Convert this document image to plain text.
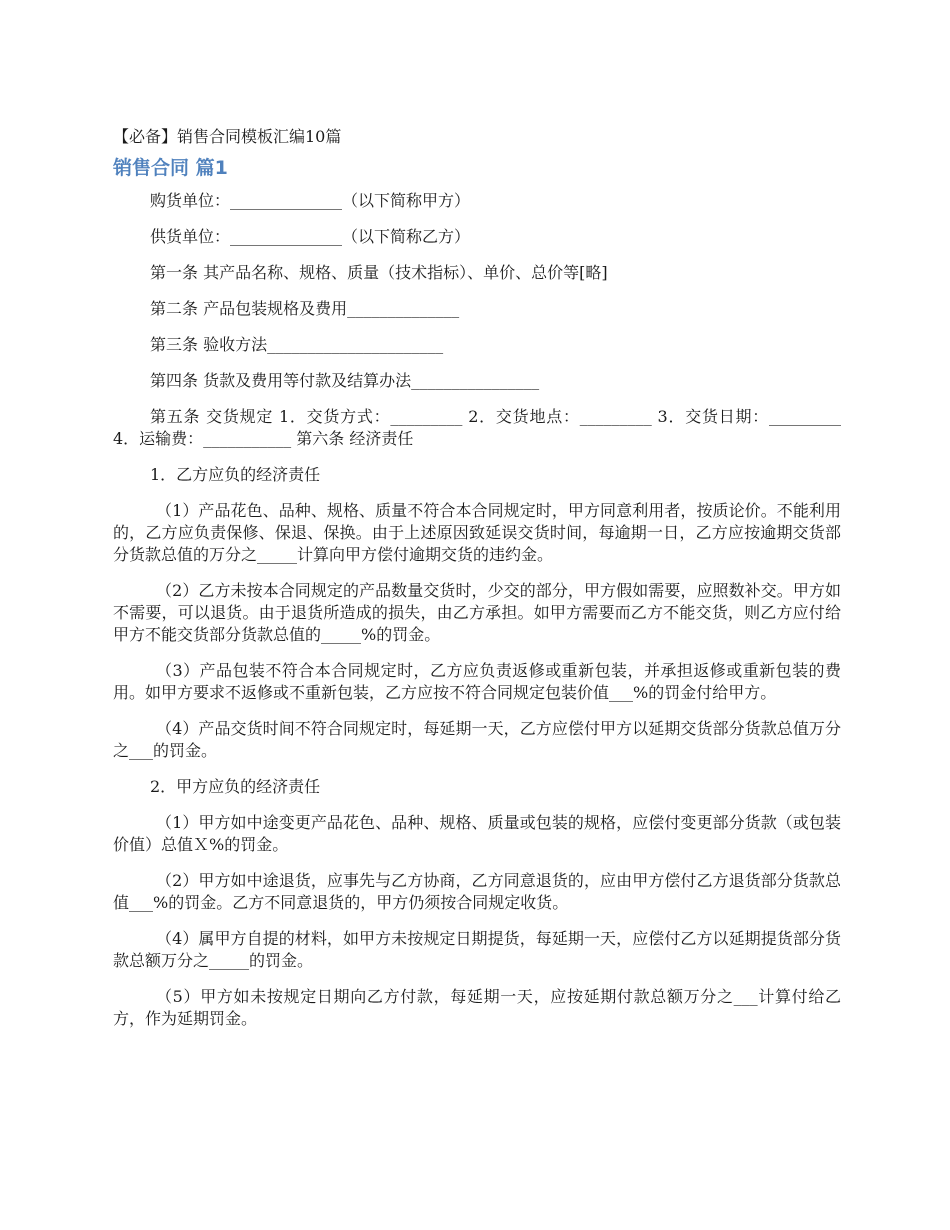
【必备】销售合同模板汇编10篇
销售合同 篇1

购货单位：______________（以下简称甲方）

供货单位：______________（以下简称乙方）

第一条 其产品名称、规格、质量（技术指标）、单价、总价等[略]

第二条 产品包装规格及费用______________

第三条 验收方法______________________

第四条 货款及费用等付款及结算办法________________

第五条 交货规定 1．交货方式：_________ 2．交货地点：_________ 3．交货日期：_________ 4．运输费：___________ 第六条 经济责任

1．乙方应负的经济责任

（1）产品花色、品种、规格、质量不符合本合同规定时，甲方同意利用者，按质论价。不能利用的，乙方应负责保修、保退、保换。由于上述原因致延误交货时间，每逾期一日，乙方应按逾期交货部分货款总值的万分之_____计算向甲方偿付逾期交货的违约金。

（2）乙方未按本合同规定的产品数量交货时，少交的部分，甲方假如需要，应照数补交。甲方如不需要，可以退货。由于退货所造成的损失，由乙方承担。如甲方需要而乙方不能交货，则乙方应付给甲方不能交货部分货款总值的_____%的罚金。

（3）产品包装不符合本合同规定时，乙方应负责返修或重新包装，并承担返修或重新包装的费用。如甲方要求不返修或不重新包装，乙方应按不符合同规定包装价值___%的罚金付给甲方。

（4）产品交货时间不符合同规定时，每延期一天，乙方应偿付甲方以延期交货部分货款总值万分之___的罚金。

2．甲方应负的经济责任

（1）甲方如中途变更产品花色、品种、规格、质量或包装的规格，应偿付变更部分货款（或包装价值）总值Ｘ%的罚金。

（2）甲方如中途退货，应事先与乙方协商，乙方同意退货的，应由甲方偿付乙方退货部分货款总值___%的罚金。乙方不同意退货的，甲方仍须按合同规定收货。

（4）属甲方自提的材料，如甲方未按规定日期提货，每延期一天，应偿付乙方以延期提货部分货款总额万分之_____的罚金。

（5）甲方如未按规定日期向乙方付款，每延期一天，应按延期付款总额万分之___计算付给乙方，作为延期罚金。
